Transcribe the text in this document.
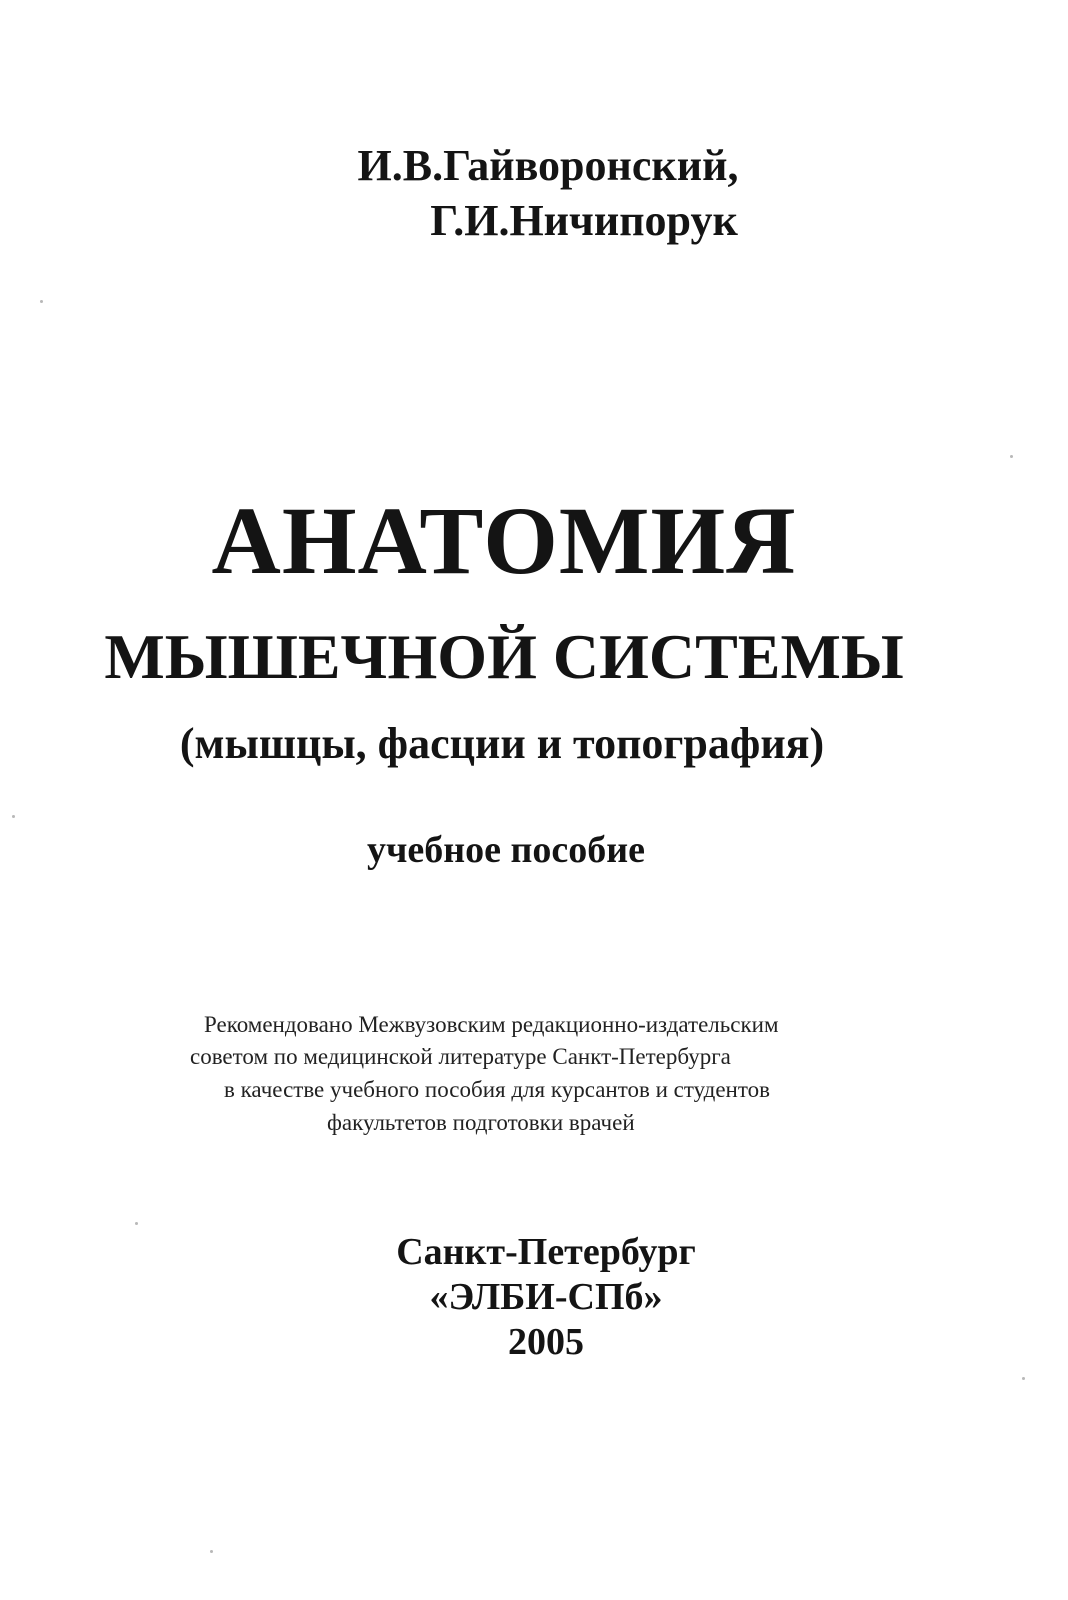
И.В.Гайворонский,
Г.И.Ничипорук
АНАТОМИЯ
МЫШЕЧНОЙ СИСТЕМЫ
(мышцы, фасции и топография)
учебное пособие
Рекомендовано Межвузовским редакционно-издательским
советом по медицинской литературе Санкт-Петербурга
в качестве учебного пособия для курсантов и студентов
факультетов подготовки врачей
Санкт-Петербург
«ЭЛБИ-СПб»
2005
